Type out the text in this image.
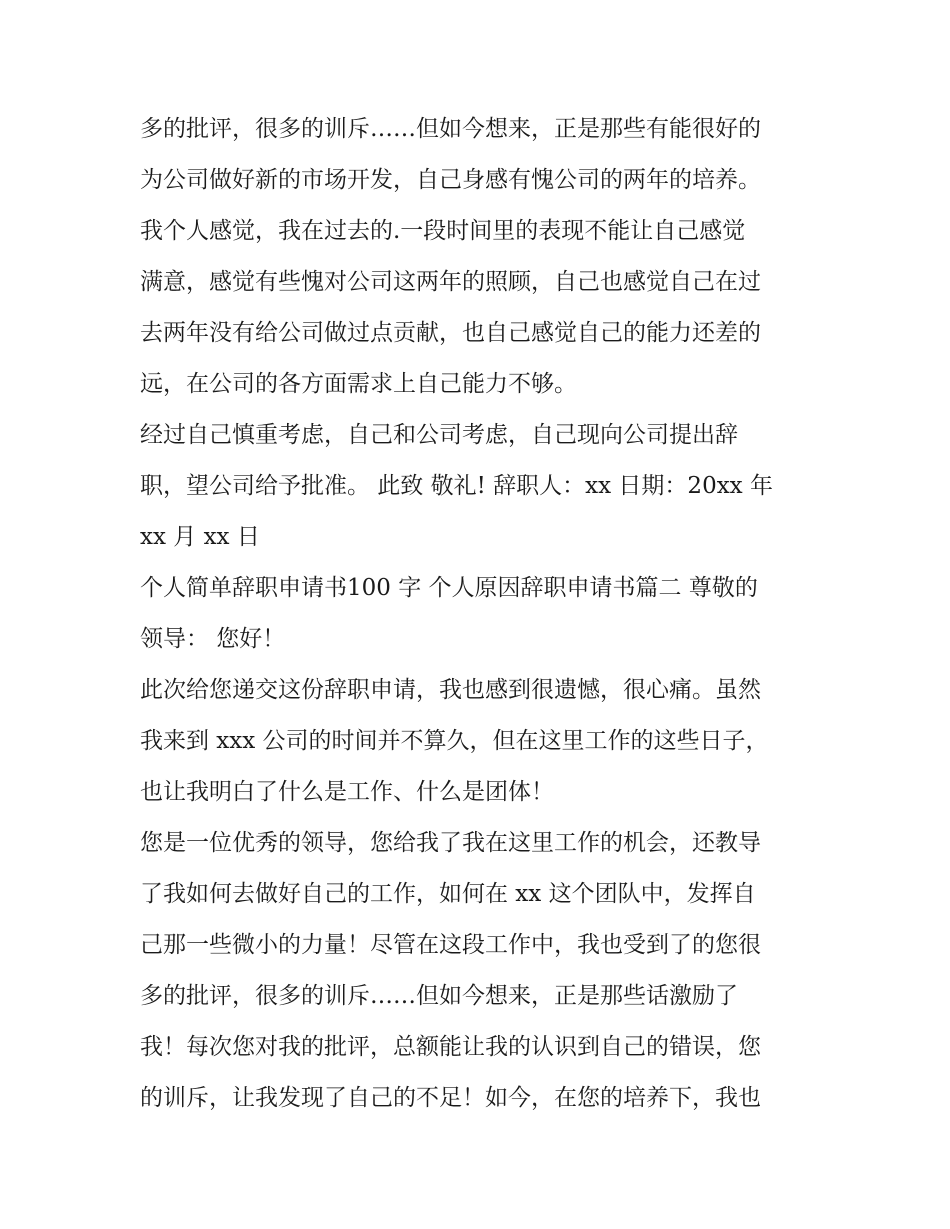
多的批评，很多的训斥……但如今想来，正是那些有能很好的
为公司做好新的市场开发，自己身感有愧公司的两年的培养。
我个人感觉，我在过去的.一段时间里的表现不能让自己感觉
满意，感觉有些愧对公司这两年的照顾，自己也感觉自己在过
去两年没有给公司做过点贡献，也自己感觉自己的能力还差的
远，在公司的各方面需求上自己能力不够。
经过自己慎重考虑，自己和公司考虑，自己现向公司提出辞
职，望公司给予批准。 此致 敬礼! 辞职人：xx 日期：20xx 年
xx 月 xx 日
个人简单辞职申请书100 字 个人原因辞职申请书篇二 尊敬的
领导： 您好！
此次给您递交这份辞职申请，我也感到很遗憾，很心痛。虽然
我来到 xxx 公司的时间并不算久，但在这里工作的这些日子，
也让我明白了什么是工作、什么是团体！
您是一位优秀的领导，您给我了我在这里工作的机会，还教导
了我如何去做好自己的工作，如何在 xx 这个团队中，发挥自
己那一些微小的力量！尽管在这段工作中，我也受到了的您很
多的批评，很多的训斥……但如今想来，正是那些话激励了
我！每次您对我的批评，总额能让我的认识到自己的错误，您
的训斥，让我发现了自己的不足！如今，在您的培养下，我也
